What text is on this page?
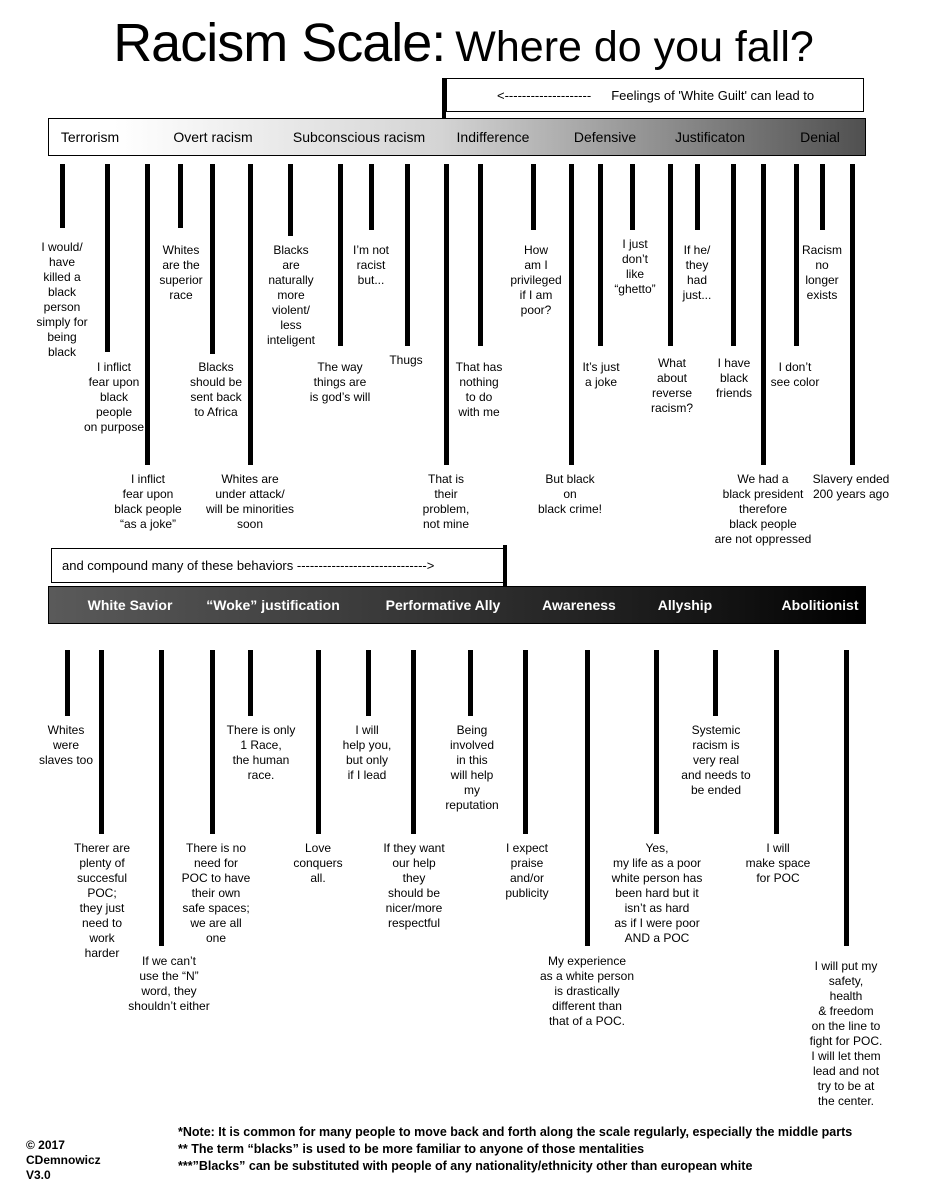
Racism Scale: Where do you fall?
<-------------------- Feelings of 'White Guilt' can lead to
Terrorism	Overt racism	Subconscious racism Indifference	Defensive	Justificaton	Denial
and compound many of these behaviors ------------------------------>
White Savior “Woke” justification	Performative Ally	Awareness	Allyship	Abolitionist
I would/
have
killed a
black
person
simply for
being
black
I inflict
fear upon
black
people
on purpose
I inflict
fear upon
black people
“as a joke”
Whites
are the
superior
race
Blacks
should be
sent back
to Africa
Whites are
under attack/
will be minorities
soon
Blacks
are
naturally
more
violent/
less
inteligent
The way
things are
is god’s will
I’m not
racist
but...
Thugs
That is
their
problem,
not mine
That has
nothing
to do
with me
How
am I
privileged
if I am
poor?
But black
on
black crime!
It’s just
a joke
I just
don’t
like
“ghetto”
What
about
reverse
racism?
If he/
they
had
just...
I have
black
friends
We had a
black president
therefore
black people
are not oppressed
I don’t
see color
Racism
no
longer
exists
Slavery ended
200 years ago
Whites
were
slaves too
Therer are
plenty of
succesful
POC;
they just
need to
work
harder
If we can’t
use the “N”
word, they
shouldn’t either
There is no
need for
POC to have
their own
safe spaces;
we are all
one
There is only
1 Race,
the human
race.
Love
conquers
all.
I will
help you,
but only
if I lead
If they want
our help
they
should be
nicer/more
respectful
Being
involved
in this
will help
my
reputation
I expect
praise
and/or
publicity
My experience
as a white person
is drastically
different than
that of a POC.
Yes,
my life as a poor
white person has
been hard but it
isn’t as hard
as if I were poor
AND a POC
Systemic
racism is
very real
and needs to
be ended
I will
make space
for POC
I will put my
safety,
health
& freedom
on the line to
fight for POC.
I will let them
lead and not
try to be at
the center.
*Note: It is common for many people to move back and forth along the scale regularly, especially the middle parts
** The term “blacks” is used to be more familiar to anyone of those mentalities
***”Blacks” can be substituted with people of any nationality/ethnicity other than european white
© 2017
CDemnowicz
V3.0
